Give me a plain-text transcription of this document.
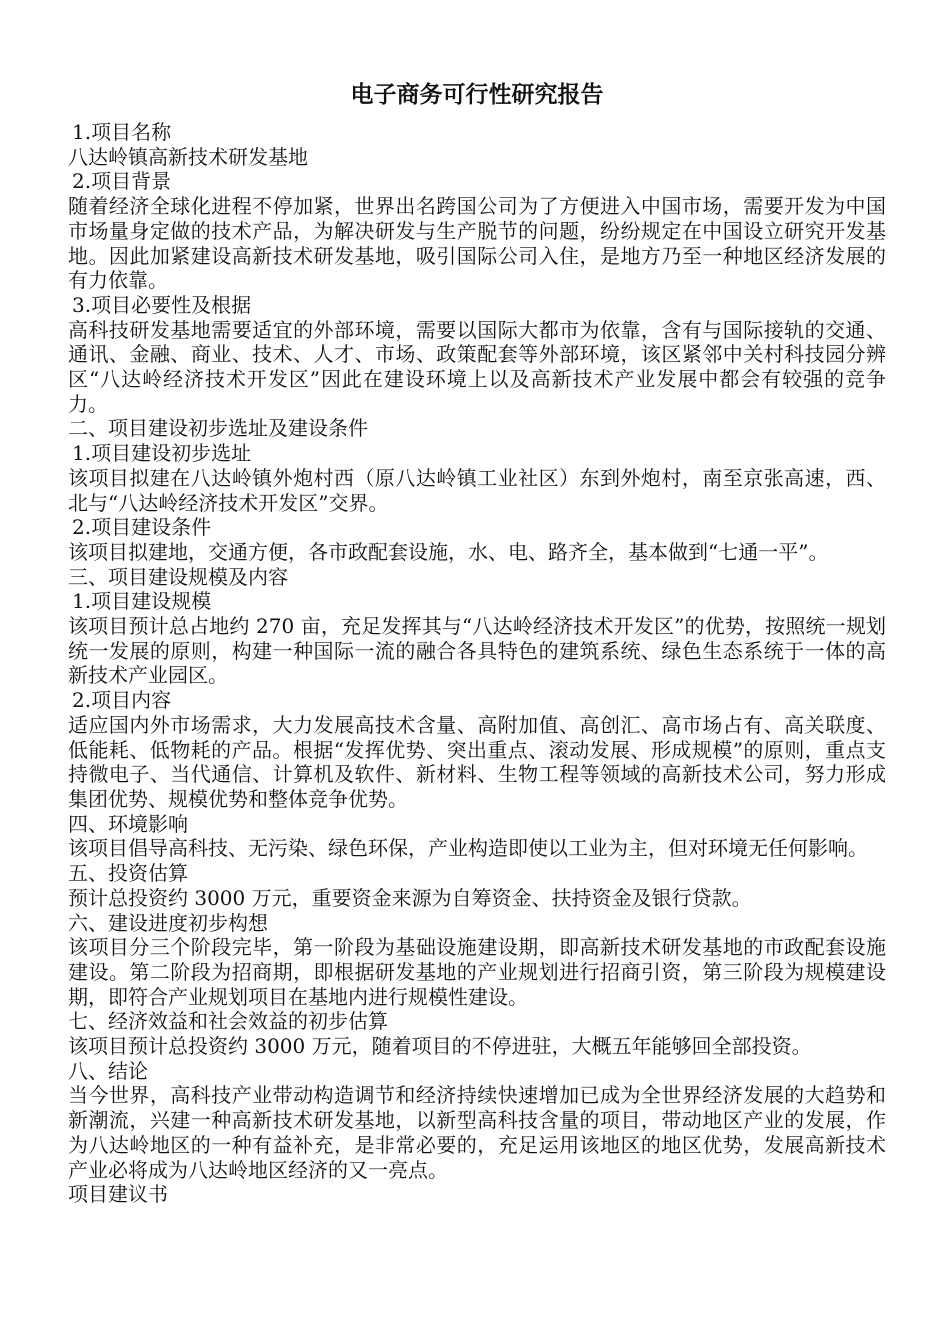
电子商务可行性研究报告
1.项目名称
八达岭镇高新技术研发基地
2.项目背景
随着经济全球化进程不停加紧，世界出名跨国公司为了方便进入中国市场，需要开发为中国市场量身定做的技术产品，为解决研发与生产脱节的问题，纷纷规定在中国设立研究开发基地。因此加紧建设高新技术研发基地，吸引国际公司入住，是地方乃至一种地区经济发展的有力依靠。
3.项目必要性及根据
高科技研发基地需要适宜的外部环境，需要以国际大都市为依靠，含有与国际接轨的交通、通讯、金融、商业、技术、人才、市场、政策配套等外部环境，该区紧邻中关村科技园分辨区“八达岭经济技术开发区”因此在建设环境上以及高新技术产业发展中都会有较强的竞争力。
二、项目建设初步选址及建设条件
1.项目建设初步选址
该项目拟建在八达岭镇外炮村西（原八达岭镇工业社区）东到外炮村，南至京张高速，西、北与“八达岭经济技术开发区”交界。
2.项目建设条件
该项目拟建地，交通方便，各市政配套设施，水、电、路齐全，基本做到“七通一平”。
三、项目建设规模及内容
1.项目建设规模
该项目预计总占地约 270 亩，充足发挥其与“八达岭经济技术开发区”的优势，按照统一规划统一发展的原则，构建一种国际一流的融合各具特色的建筑系统、绿色生态系统于一体的高新技术产业园区。
2.项目内容
适应国内外市场需求，大力发展高技术含量、高附加值、高创汇、高市场占有、高关联度、低能耗、低物耗的产品。根据“发挥优势、突出重点、滚动发展、形成规模”的原则，重点支持微电子、当代通信、计算机及软件、新材料、生物工程等领域的高新技术公司，努力形成集团优势、规模优势和整体竞争优势。
四、环境影响
该项目倡导高科技、无污染、绿色环保，产业构造即使以工业为主，但对环境无任何影响。
五、投资估算
预计总投资约 3000 万元，重要资金来源为自筹资金、扶持资金及银行贷款。
六、建设进度初步构想
该项目分三个阶段完毕，第一阶段为基础设施建设期，即高新技术研发基地的市政配套设施建设。第二阶段为招商期，即根据研发基地的产业规划进行招商引资，第三阶段为规模建设期，即符合产业规划项目在基地内进行规模性建设。
七、经济效益和社会效益的初步估算
该项目预计总投资约 3000 万元，随着项目的不停进驻，大概五年能够回全部投资。
八、结论
当今世界，高科技产业带动构造调节和经济持续快速增加已成为全世界经济发展的大趋势和新潮流，兴建一种高新技术研发基地，以新型高科技含量的项目，带动地区产业的发展，作为八达岭地区的一种有益补充，是非常必要的，充足运用该地区的地区优势，发展高新技术产业必将成为八达岭地区经济的又一亮点。
项目建议书
